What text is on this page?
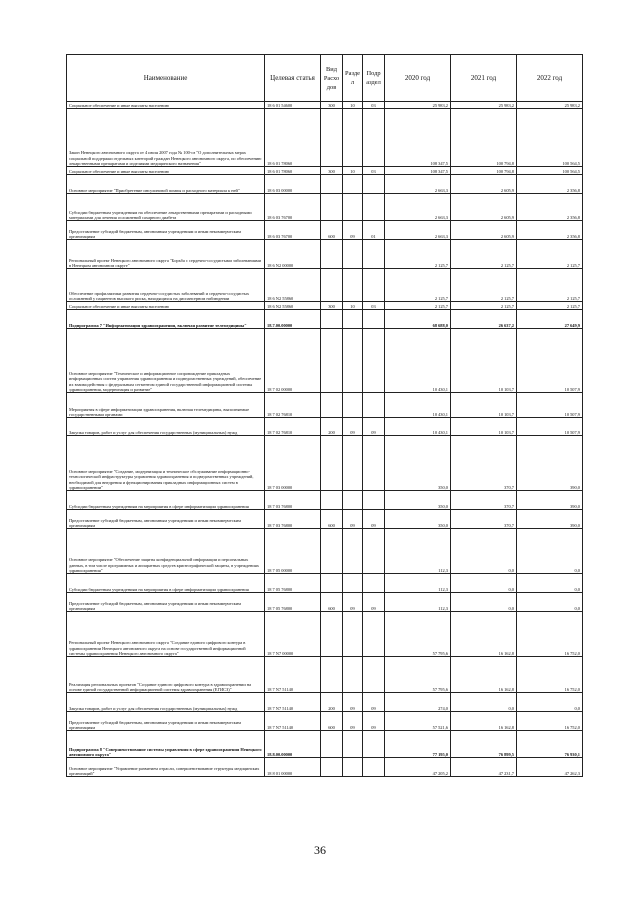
Наименование	Целевая статья	Вид Расхо дов	Разде л	Подр аздел	2020 год	2021 год	2022 год
Социальное обеспечение и иные выплаты населению	18 6 01 54600	300	10	03	25 983,2	25 983,2	25 983,2
Закон Ненецкого автономного округа от 4 июля 2007 года № 100-оз "О дополнительных мерах социальной поддержки отдельных категорий граждан Ненецкого автономного округа, по обеспечению лекарственными препаратами и изделиями медицинского назначения"	18 6 01 78060				108 347,5	100 794,8	100 564,5
Социальное обеспечение и иные выплаты населению	18 6 01 78060	300	10	03	108 347,5	100 794,8	100 564,5
Основное мероприятие "Приобретение инсулиновой помпы и расходного материала к ней"	18 6 03 00000				2 663,3	2 605,9	2 356,8
Субсидии бюджетным учреждениям на обеспечение лекарственными препаратами и расходными материалами для лечения осложнений сахарного диабета	18 6 03 76700				2 663,3	2 605,9	2 356,8
Предоставление субсидий бюджетным, автономным учреждениям и иным некоммерческим организациям	18 6 03 76700	600	09	01	2 663,3	2 605,9	2 356,8
Региональный проект Ненецкого автономного округа "Борьба с сердечно-сосудистыми заболеваниями в Ненецком автономном округе"	18 6 N2 00000				2 125,7	2 125,7	2 125,7
Обеспечение профилактики развития сердечно-сосудистых заболеваний и сердечно-сосудистых осложнений у пациентов высокого риска, находящихся на диспансерном наблюдении	18 6 N2 55860				2 125,7	2 125,7	2 125,7
Социальное обеспечение и иные выплаты населению	18 6 N2 55860	300	10	03	2 125,7	2 125,7	2 125,7
Подпрограмма 7 "Информатизация здравоохранения, включая развитие телемедицины"	18.7.00.00000				68 688,0	26 637,2	27 649,9
Основное мероприятие "Техническое и информационное сопровождение прикладных информационных систем управления здравоохранения и подведомственных учреждений, обеспечение их взаимодействия с федеральным сегментом единой государственной информационной системы здравоохранения, модернизация и развитие"	18 7 02 00000				10 430,1	10 103,7	10 507,9
Мероприятия в сфере информатизации здравоохранения, включая телемедицины, выполняемые государственными органами	18 7 02 76810				10 430,1	10 103,7	10 507,9
Закупка товаров, работ и услуг для обеспечения государственных (муниципальных) нужд	18 7 02 76810	200	09	09	10 430,1	10 103,7	10 507,9
Основное мероприятие "Создание, модернизация и техническое обслуживание информационно-технологической инфраструктуры управления здравоохранения и подведомственных учреждений, необходимой для внедрения и функционирования прикладных информационных систем в здравоохранении"	18 7 03 00000				350,0	370,7	390,0
Субсидии бюджетным учреждениям на мероприятия в сфере информатизации здравоохранения	18 7 03 76800				350,0	370,7	390,0
Предоставление субсидий бюджетным, автономным учреждениям и иным некоммерческим организациям	18 7 03 76800	600	09	09	350,0	370,7	390,0
Основное мероприятие "Обеспечение защиты конфиденциальной информации и персональных данных, в том числе программных и аппаратных средств криптографической защиты, в учреждениях здравоохранения"	18 7 05 00000				112,3	0,0	0,0
Субсидии бюджетным учреждениям на мероприятия в сфере информатизации здравоохранения	18 7 05 76800				112,3	0,0	0,0
Предоставление субсидий бюджетным, автономным учреждениям и иным некоммерческим организациям	18 7 05 76800	600	09	09	112,3	0,0	0,0
Региональный проект Ненецкого автономного округа "Создание единого цифрового контура в здравоохранении Ненецкого автономного округа на основе государственной информационной системы здравоохранения Ненецкого автономного округа"	18 7 N7 00000				57 795,6	16 162,8	16 752,0
Реализация региональных проектов "Создание единого цифрового контура в здравоохранении на основе единой государственной информационной системы здравоохранения (ЕГИСЗ)"	18 7 N7 51140				57 795,6	16 162,8	16 752,0
Закупка товаров, работ и услуг для обеспечения государственных (муниципальных) нужд	18 7 N7 51140	200	09	09	274,0	0,0	0,0
Предоставление субсидий бюджетным, автономным учреждениям и иным некоммерческим организациям	18 7 N7 51140	600	09	09	57 521,6	16 162,8	16 752,0
Подпрограмма 8 "Совершенствование системы управления в сфере здравоохранения Ненецкого автономного округа"	18.8.00.00000				77 195,0	76 899,5	76 930,1
Основное мероприятие "Управление развитием отрасли, совершенствование структуры медицинских организаций"	18 8 01 00000				47 205,2	47 231,7	47 262,3
36
